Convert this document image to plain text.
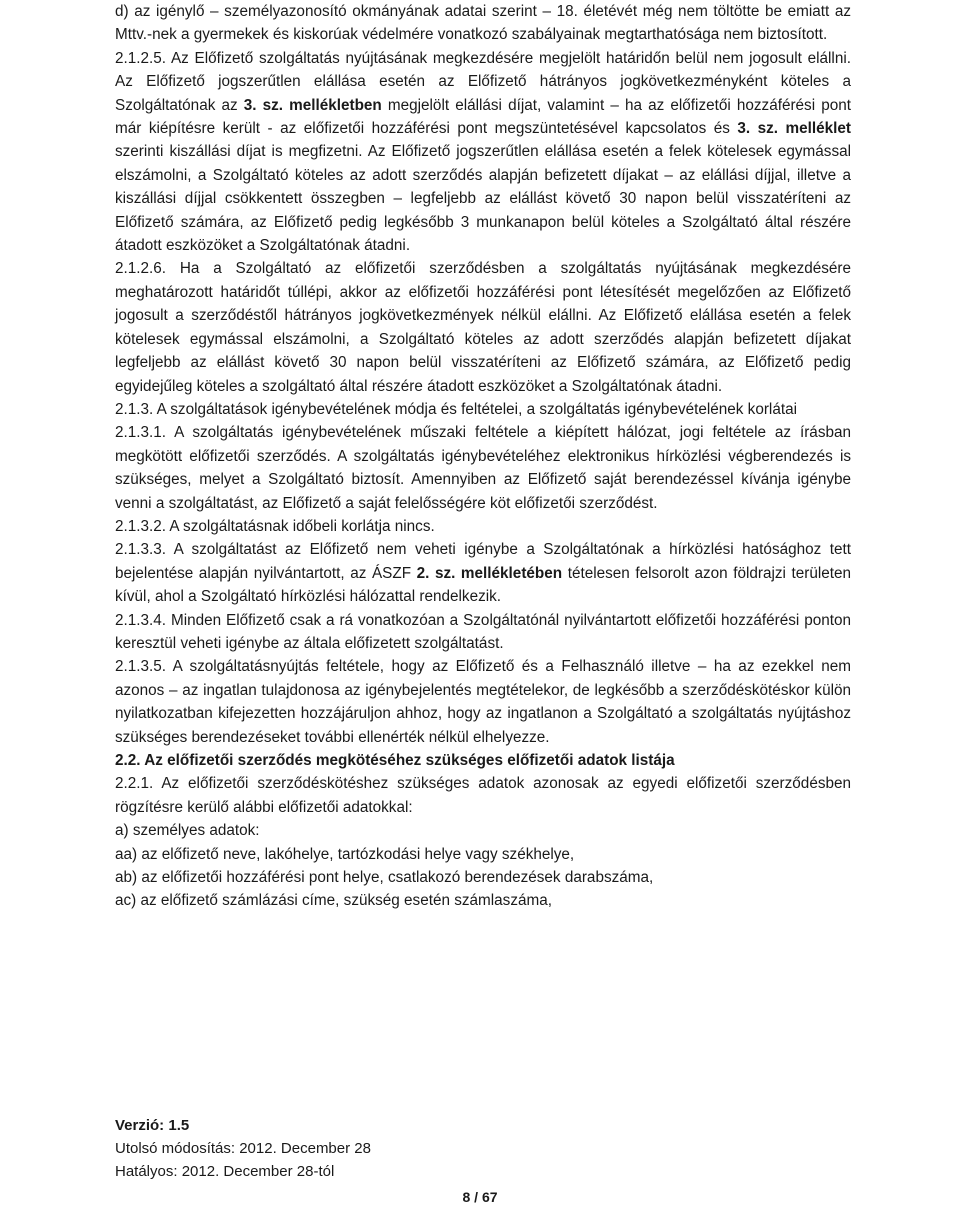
d) az igénylő – személyazonosító okmányának adatai szerint – 18. életévét még nem töltötte be emiatt az Mttv.-nek a gyermekek és kiskorúak védelmére vonatkozó szabályainak megtarthatósága nem biztosított.

2.1.2.5. Az Előfizető szolgáltatás nyújtásának megkezdésére megjelölt határidőn belül nem jogosult elállni. Az Előfizető jogszerűtlen elállása esetén az Előfizető hátrányos jogkövetkezményként köteles a Szolgáltatónak az 3. sz. mellékletben megjelölt elállási díjat, valamint – ha az előfizetői hozzáférési pont már kiépítésre került - az előfizetői hozzáférési pont megszüntetésével kapcsolatos és 3. sz. melléklet szerinti kiszállási díjat is megfizetni. Az Előfizető jogszerűtlen elállása esetén a felek kötelesek egymással elszámolni, a Szolgáltató köteles az adott szerződés alapján befizetett díjakat – az elállási díjjal, illetve a kiszállási díjjal csökkentett összegben – legfeljebb az elállást követő 30 napon belül visszatéríteni az Előfizető számára, az Előfizető pedig legkésőbb 3 munkanapon belül köteles a Szolgáltató által részére átadott eszközöket a Szolgáltatónak átadni.

2.1.2.6. Ha a Szolgáltató az előfizetői szerződésben a szolgáltatás nyújtásának megkezdésére meghatározott határidőt túllépi, akkor az előfizetői hozzáférési pont létesítését megelőzően az Előfizető jogosult a szerződéstől hátrányos jogkövetkezmények nélkül elállni. Az Előfizető elállása esetén a felek kötelesek egymással elszámolni, a Szolgáltató köteles az adott szerződés alapján befizetett díjakat legfeljebb az elállást követő 30 napon belül visszatéríteni az Előfizető számára, az Előfizető pedig egyidejűleg köteles a szolgáltató által részére átadott eszközöket a Szolgáltatónak átadni.

2.1.3. A szolgáltatások igénybevételének módja és feltételei, a szolgáltatás igénybevételének korlátai

2.1.3.1. A szolgáltatás igénybevételének műszaki feltétele a kiépített hálózat, jogi feltétele az írásban megkötött előfizetői szerződés. A szolgáltatás igénybevételéhez elektronikus hírközlési végberendezés is szükséges, melyet a Szolgáltató biztosít. Amennyiben az Előfizető saját berendezéssel kívánja igénybe venni a szolgáltatást, az Előfizető a saját felelősségére köt előfizetői szerződést.

2.1.3.2. A szolgáltatásnak időbeli korlátja nincs.

2.1.3.3. A szolgáltatást az Előfizető nem veheti igénybe a Szolgáltatónak a hírközlési hatósághoz tett bejelentése alapján nyilvántartott, az ÁSZF 2. sz. mellékletében tételesen felsorolt azon földrajzi területen kívül, ahol a Szolgáltató hírközlési hálózattal rendelkezik.

2.1.3.4. Minden Előfizető csak a rá vonatkozóan a Szolgáltatónál nyilvántartott előfizetői hozzáférési ponton keresztül veheti igénybe az általa előfizetett szolgáltatást.

2.1.3.5. A szolgáltatásnyújtás feltétele, hogy az Előfizető és a Felhasználó illetve – ha az ezekkel nem azonos – az ingatlan tulajdonosa az igénybejelentés megtételekor, de legkésőbb a szerződéskötéskor külön nyilatkozatban kifejezetten hozzájáruljon ahhoz, hogy az ingatlanon a Szolgáltató a szolgáltatás nyújtáshoz szükséges berendezéseket további ellenérték nélkül elhelyezze.

2.2. Az előfizetői szerződés megkötéséhez szükséges előfizetői adatok listája

2.2.1. Az előfizetői szerződéskötéshez szükséges adatok azonosak az egyedi előfizetői szerződésben rögzítésre kerülő alábbi előfizetői adatokkal:

a) személyes adatok:

aa) az előfizető neve, lakóhelye, tartózkodási helye vagy székhelye,

ab) az előfizetői hozzáférési pont helye, csatlakozó berendezések darabszáma,

ac) az előfizető számlázási címe, szükség esetén számlaszáma,

Verzió: 1.5
Utolsó módosítás: 2012. December 28
Hatályos: 2012. December 28-tól
8 / 67
